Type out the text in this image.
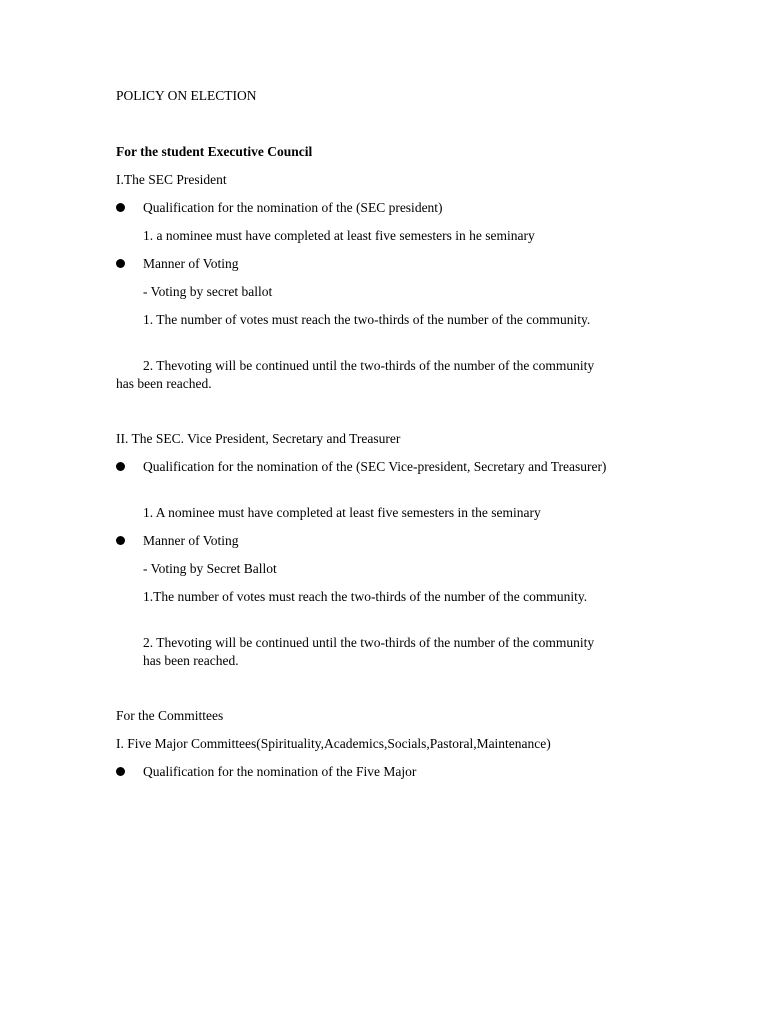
POLICY ON ELECTION
For the student Executive Council
I.The SEC President
Qualification for the nomination of the (SEC president)
1. a nominee must have completed at least five semesters in he seminary
Manner of Voting
- Voting by secret ballot
1. The number of votes must reach the two-thirds of the number of the community.
2. Thevoting will be continued until the two-thirds of the number of the community has been reached.
II. The SEC. Vice President, Secretary and Treasurer
Qualification for the nomination of the (SEC Vice-president, Secretary and Treasurer)
1. A nominee must have completed at least five semesters in the seminary
Manner of Voting
- Voting by Secret Ballot
1.The number of votes must reach the two-thirds of the number of the community.
2. Thevoting will be continued until the two-thirds of the number of the community has been reached.
For the Committees
I. Five Major Committees(Spirituality,Academics,Socials,Pastoral,Maintenance)
Qualification for the nomination of the Five Major
